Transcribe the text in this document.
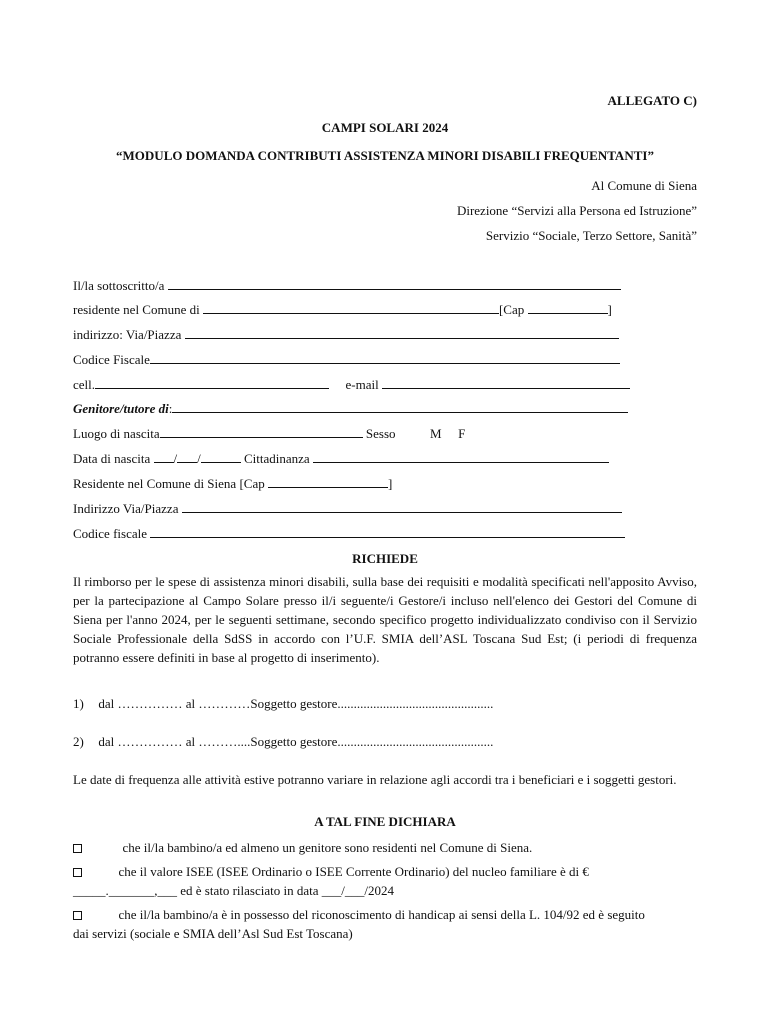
ALLEGATO C)
CAMPI SOLARI 2024
“MODULO DOMANDA CONTRIBUTI ASSISTENZA MINORI DISABILI FREQUENTANTI”
Al Comune di Siena
Direzione “Servizi alla Persona ed Istruzione”
Servizio “Sociale, Terzo Settore, Sanità”
Il/la sottoscritto/a
residente nel Comune di	[Cap	]
indirizzo: Via/Piazza
Codice Fiscale
cell.	e-mail
Genitore/tutore di:
Luogo di nascita	Sesso	M F
Data di nascita / /	Cittadinanza
Residente nel Comune di Siena [Cap	]
Indirizzo Via/Piazza
Codice fiscale
RICHIEDE
Il rimborso per le spese di assistenza minori disabili, sulla base dei requisiti e modalità specificati nell'apposito Avviso, per la partecipazione al Campo Solare presso il/i seguente/i Gestore/i incluso nell'elenco dei Gestori del Comune di Siena per l'anno 2024, per le seguenti settimane, secondo specifico progetto individualizzato condiviso con il Servizio Sociale Professionale della SdSS in accordo con l’U.F. SMIA dell’ASL Toscana Sud Est; (i periodi di frequenza potranno essere definiti in base al progetto di inserimento).
1) dal …………… al …………Soggetto gestore................................................
2) dal …………… al ………....Soggetto gestore................................................
Le date di frequenza alle attività estive potranno variare in relazione agli accordi tra i beneficiari e i soggetti gestori.
A TAL FINE DICHIARA
che il/la bambino/a ed almeno un genitore sono residenti nel Comune di Siena.
che il valore ISEE (ISEE Ordinario o ISEE Corrente Ordinario) del nucleo familiare è di €
_____._______,___ ed è stato rilasciato in data ___/___/2024
che il/la bambino/a è in possesso del riconoscimento di handicap ai sensi della L. 104/92 ed è seguito
dai servizi (sociale e SMIA dell’Asl Sud Est Toscana)
